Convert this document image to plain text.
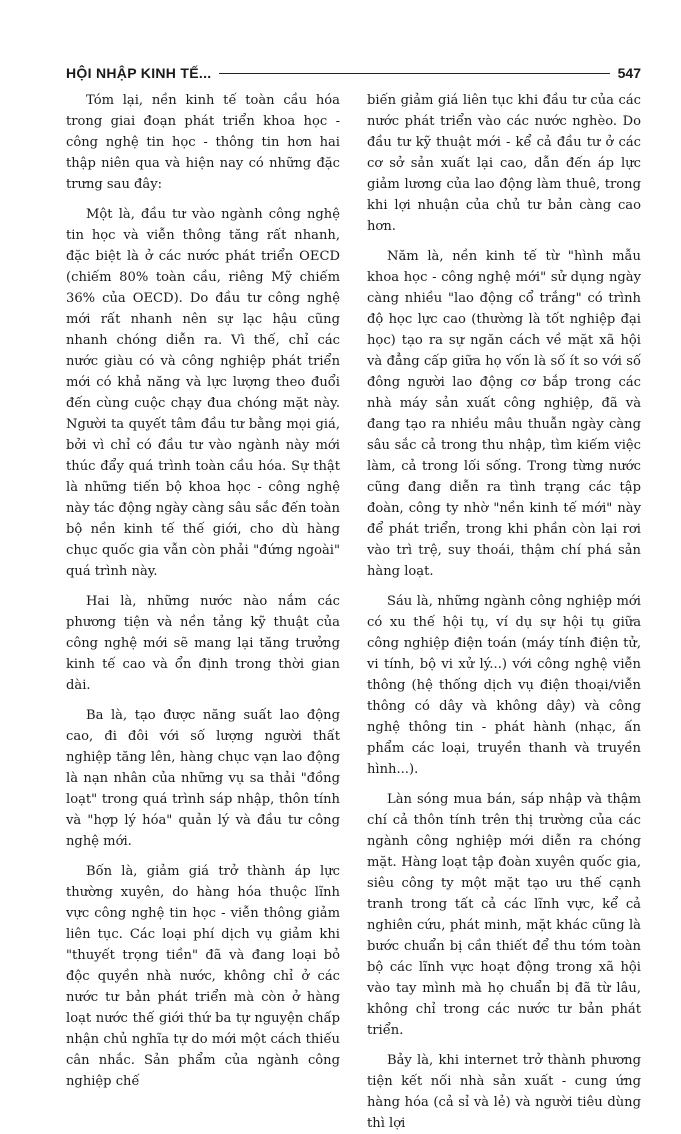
HỘI NHẬP KINH TẾ...	547

Tóm lại, nền kinh tế toàn cầu hóa trong giai đoạn phát triển khoa học - công nghệ tin học - thông tin hơn hai thập niên qua và hiện nay có những đặc trưng sau đây:

Một là, đầu tư vào ngành công nghệ tin học và viễn thông tăng rất nhanh, đặc biệt là ở các nước phát triển OECD (chiếm 80% toàn cầu, riêng Mỹ chiếm 36% của OECD). Do đầu tư công nghệ mới rất nhanh nên sự lạc hậu cũng nhanh chóng diễn ra. Vì thế, chỉ các nước giàu có và công nghiệp phát triển mới có khả năng và lực lượng theo đuổi đến cùng cuộc chạy đua chóng mặt này. Người ta quyết tâm đầu tư bằng mọi giá, bởi vì chỉ có đầu tư vào ngành này mới thúc đẩy quá trình toàn cầu hóa. Sự thật là những tiến bộ khoa học - công nghệ này tác động ngày càng sâu sắc đến toàn bộ nền kinh tế thế giới, cho dù hàng chục quốc gia vẫn còn phải "đứng ngoài" quá trình này.

Hai là, những nước nào nắm các phương tiện và nền tảng kỹ thuật của công nghệ mới sẽ mang lại tăng trưởng kinh tế cao và ổn định trong thời gian dài.

Ba là, tạo được năng suất lao động cao, đi đôi với số lượng người thất nghiệp tăng lên, hàng chục vạn lao động là nạn nhân của những vụ sa thải "đồng loạt" trong quá trình sáp nhập, thôn tính và "hợp lý hóa" quản lý và đầu tư công nghệ mới.

Bốn là, giảm giá trở thành áp lực thường xuyên, do hàng hóa thuộc lĩnh vực công nghệ tin học - viễn thông giảm liên tục. Các loại phí dịch vụ giảm khi "thuyết trọng tiền" đã và đang loại bỏ độc quyền nhà nước, không chỉ ở các nước tư bản phát triển mà còn ở hàng loạt nước thế giới thứ ba tự nguyện chấp nhận chủ nghĩa tự do mới một cách thiếu cân nhắc. Sản phẩm của ngành công nghiệp chế

biến giảm giá liên tục khi đầu tư của các nước phát triển vào các nước nghèo. Do đầu tư kỹ thuật mới - kể cả đầu tư ở các cơ sở sản xuất lại cao, dẫn đến áp lực giảm lương của lao động làm thuê, trong khi lợi nhuận của chủ tư bản càng cao hơn.

Năm là, nền kinh tế từ "hình mẫu khoa học - công nghệ mới" sử dụng ngày càng nhiều "lao động cổ trắng" có trình độ học lực cao (thường là tốt nghiệp đại học) tạo ra sự ngăn cách về mặt xã hội và đẳng cấp giữa họ vốn là số ít so với số đông người lao động cơ bắp trong các nhà máy sản xuất công nghiệp, đã và đang tạo ra nhiều mâu thuẫn ngày càng sâu sắc cả trong thu nhập, tìm kiếm việc làm, cả trong lối sống. Trong từng nước cũng đang diễn ra tình trạng các tập đoàn, công ty nhờ "nền kinh tế mới" này để phát triển, trong khi phần còn lại rơi vào trì trệ, suy thoái, thậm chí phá sản hàng loạt.

Sáu là, những ngành công nghiệp mới có xu thế hội tụ, ví dụ sự hội tụ giữa công nghiệp điện toán (máy tính điện tử, vi tính, bộ vi xử lý...) với công nghệ viễn thông (hệ thống dịch vụ điện thoại/viễn thông có dây và không dây) và công nghệ thông tin - phát hành (nhạc, ấn phẩm các loại, truyền thanh và truyền hình...).

Làn sóng mua bán, sáp nhập và thậm chí cả thôn tính trên thị trường của các ngành công nghiệp mới diễn ra chóng mặt. Hàng loạt tập đoàn xuyên quốc gia, siêu công ty một mặt tạo ưu thế cạnh tranh trong tất cả các lĩnh vực, kể cả nghiên cứu, phát minh, mặt khác cũng là bước chuẩn bị cần thiết để thu tóm toàn bộ các lĩnh vực hoạt động trong xã hội vào tay mình mà họ chuẩn bị đã từ lâu, không chỉ trong các nước tư bản phát triển.

Bảy là, khi internet trở thành phương tiện kết nối nhà sản xuất - cung ứng hàng hóa (cả sỉ và lẻ) và người tiêu dùng thì lợi
